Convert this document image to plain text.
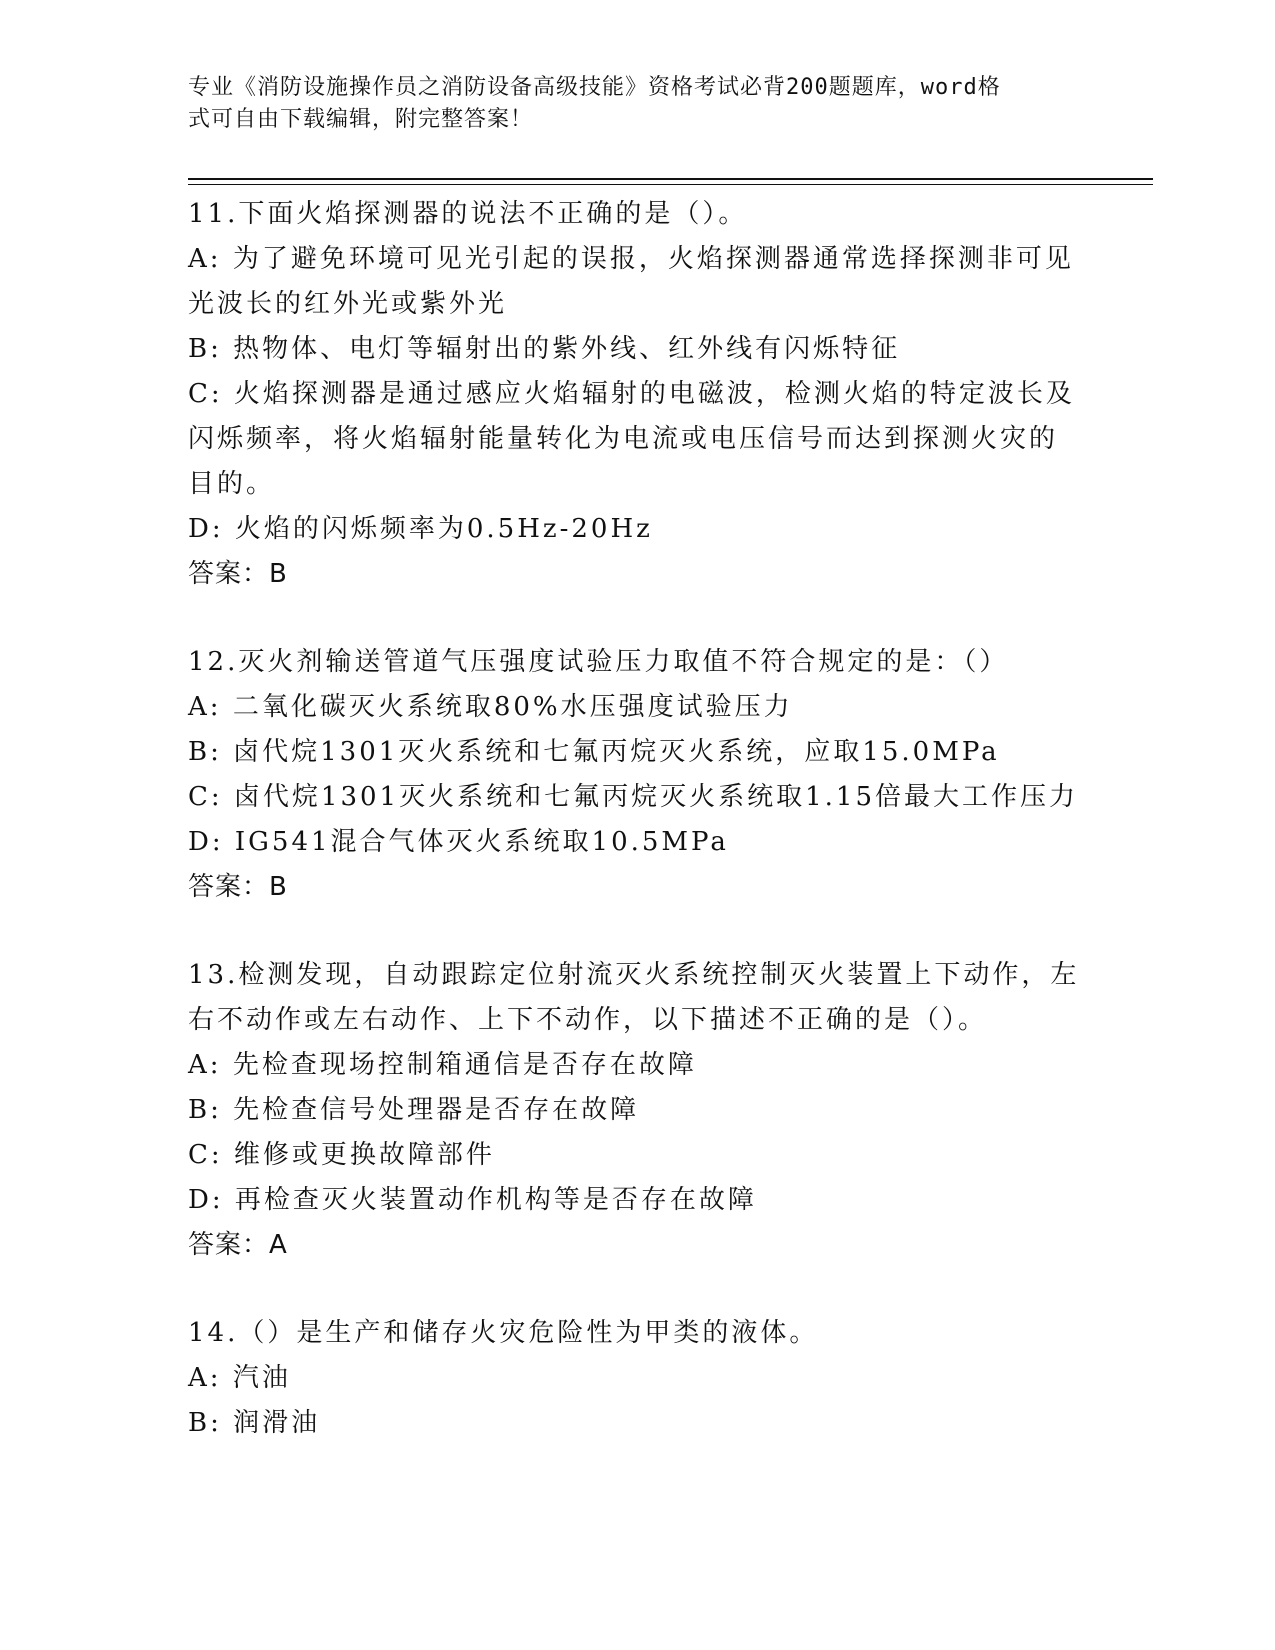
专业《消防设施操作员之消防设备高级技能》资格考试必背200题题库，word格
式可自由下载编辑，附完整答案！
11.下面火焰探测器的说法不正确的是（）。
A: 为了避免环境可见光引起的误报，火焰探测器通常选择探测非可见
光波长的红外光或紫外光
B: 热物体、电灯等辐射出的紫外线、红外线有闪烁特征
C: 火焰探测器是通过感应火焰辐射的电磁波，检测火焰的特定波长及
闪烁频率，将火焰辐射能量转化为电流或电压信号而达到探测火灾的
目的。
D: 火焰的闪烁频率为0.5Hz-20Hz
答案：B
12.灭火剂输送管道气压强度试验压力取值不符合规定的是：（）
A: 二氧化碳灭火系统取80%水压强度试验压力
B: 卤代烷1301灭火系统和七氟丙烷灭火系统，应取15.0MPa
C: 卤代烷1301灭火系统和七氟丙烷灭火系统取1.15倍最大工作压力
D: IG541混合气体灭火系统取10.5MPa
答案：B
13.检测发现，自动跟踪定位射流灭火系统控制灭火装置上下动作，左
右不动作或左右动作、上下不动作，以下描述不正确的是（）。
A: 先检查现场控制箱通信是否存在故障
B: 先检查信号处理器是否存在故障
C: 维修或更换故障部件
D: 再检查灭火装置动作机构等是否存在故障
答案：A
14.（）是生产和储存火灾危险性为甲类的液体。
A: 汽油
B: 润滑油
